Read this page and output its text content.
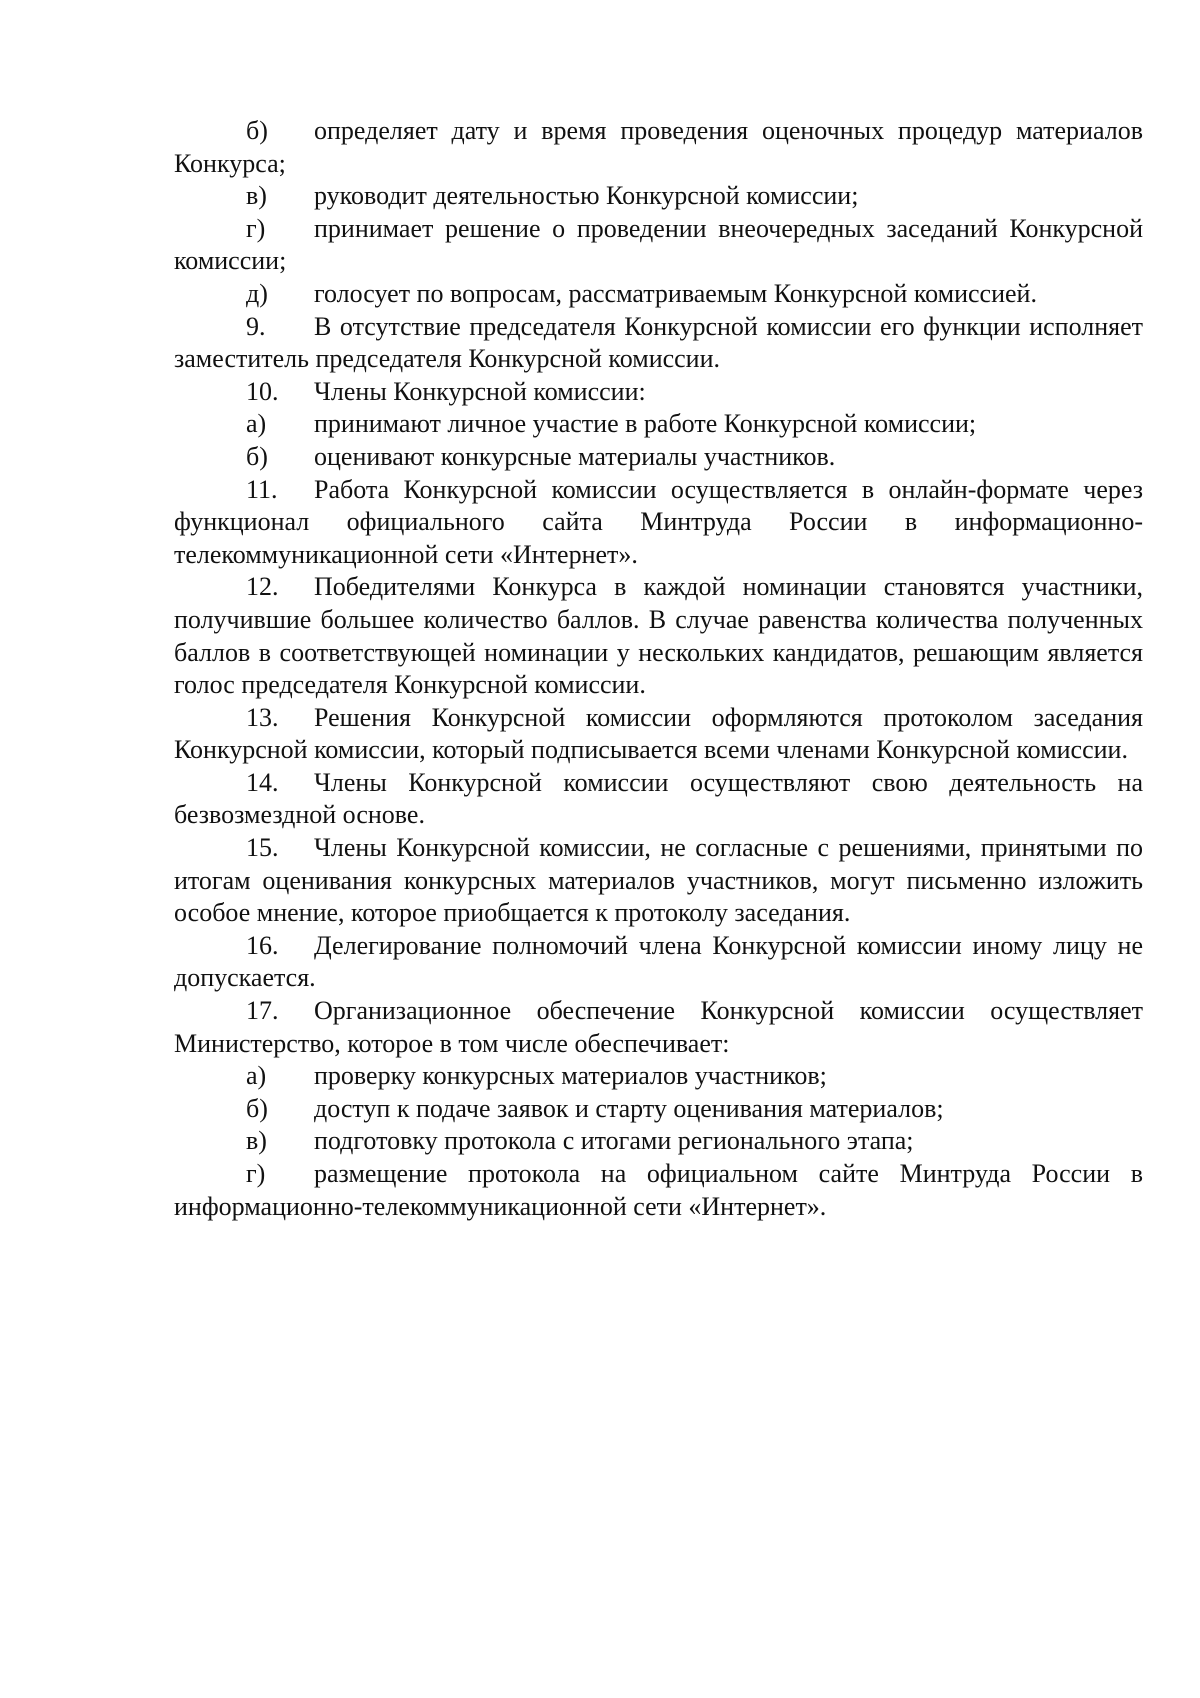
б) определяет дату и время проведения оценочных процедур материалов Конкурса;

в) руководит деятельностью Конкурсной комиссии;

г) принимает решение о проведении внеочередных заседаний Конкурсной комиссии;

д) голосует по вопросам, рассматриваемым Конкурсной комиссией.

9. В отсутствие председателя Конкурсной комиссии его функции исполняет заместитель председателя Конкурсной комиссии.

10. Члены Конкурсной комиссии:

а) принимают личное участие в работе Конкурсной комиссии;

б) оценивают конкурсные материалы участников.

11. Работа Конкурсной комиссии осуществляется в онлайн-формате через функционал официального сайта Минтруда России в информационно-телекоммуникационной сети «Интернет».

12. Победителями Конкурса в каждой номинации становятся участники, получившие большее количество баллов. В случае равенства количества полученных баллов в соответствующей номинации у нескольких кандидатов, решающим является голос председателя Конкурсной комиссии.

13. Решения Конкурсной комиссии оформляются протоколом заседания Конкурсной комиссии, который подписывается всеми членами Конкурсной комиссии.

14. Члены Конкурсной комиссии осуществляют свою деятельность на безвозмездной основе.

15. Члены Конкурсной комиссии, не согласные с решениями, принятыми по итогам оценивания конкурсных материалов участников, могут письменно изложить особое мнение, которое приобщается к протоколу заседания.

16. Делегирование полномочий члена Конкурсной комиссии иному лицу не допускается.

17. Организационное обеспечение Конкурсной комиссии осуществляет Министерство, которое в том числе обеспечивает:

а) проверку конкурсных материалов участников;

б) доступ к подаче заявок и старту оценивания материалов;

в) подготовку протокола с итогами регионального этапа;

г) размещение протокола на официальном сайте Минтруда России в информационно-телекоммуникационной сети «Интернет».
